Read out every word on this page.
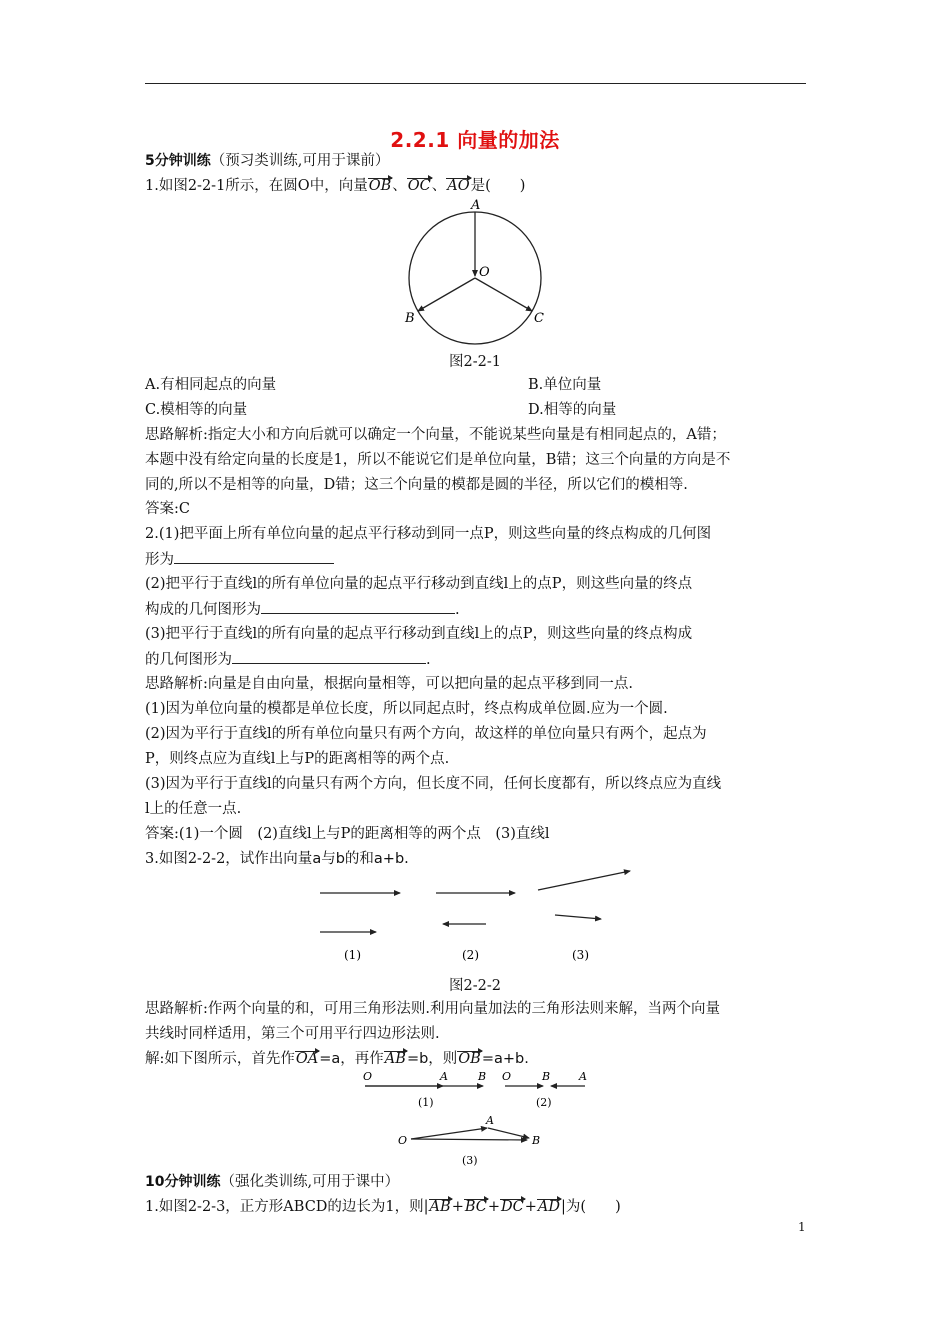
2.2.1 向量的加法
5分钟训练（预习类训练,可用于课前）
1.如图2-2-1所示，在圆O中，向量OB、OC、AO是(　　)
A
O
B	C
图2-2-1
A.有相同起点的向量	B.单位向量
C.模相等的向量	D.相等的向量
思路解析:指定大小和方向后就可以确定一个向量，不能说某些向量是有相同起点的，A错；
本题中没有给定向量的长度是1，所以不能说它们是单位向量，B错；这三个向量的方向是不
同的,所以不是相等的向量，D错；这三个向量的模都是圆的半径，所以它们的模相等.
答案:C
2.(1)把平面上所有单位向量的起点平行移动到同一点P，则这些向量的终点构成的几何图
形为
(2)把平行于直线l的所有单位向量的起点平行移动到直线l上的点P，则这些向量的终点
构成的几何图形为	.
(3)把平行于直线l的所有向量的起点平行移动到直线l上的点P，则这些向量的终点构成
的几何图形为	.
思路解析:向量是自由向量，根据向量相等，可以把向量的起点平移到同一点.
(1)因为单位向量的模都是单位长度，所以同起点时，终点构成单位圆.应为一个圆.
(2)因为平行于直线l的所有单位向量只有两个方向，故这样的单位向量只有两个，起点为
P，则终点应为直线l上与P的距离相等的两个点.
(3)因为平行于直线l的向量只有两个方向，但长度不同，任何长度都有，所以终点应为直线
l上的任意一点.
答案:(1)一个圆　(2)直线l上与P的距离相等的两个点　(3)直线l
3.如图2-2-2，试作出向量a与b的和a+b.
(1)	(2)	(3)
图2-2-2
思路解析:作两个向量的和，可用三角形法则.利用向量加法的三角形法则来解，当两个向量
共线时同样适用，第三个可用平行四边形法则.
解:如下图所示，首先作OA=a，再作AB=b，则OB=a+b.
O	A	B
(1)
O	B	A
(2)
O
A
B
(3)
10分钟训练（强化类训练,可用于课中）
1.如图2-2-3，正方形ABCD的边长为1，则|AB+BC+DC+AD|为(　　)
1
